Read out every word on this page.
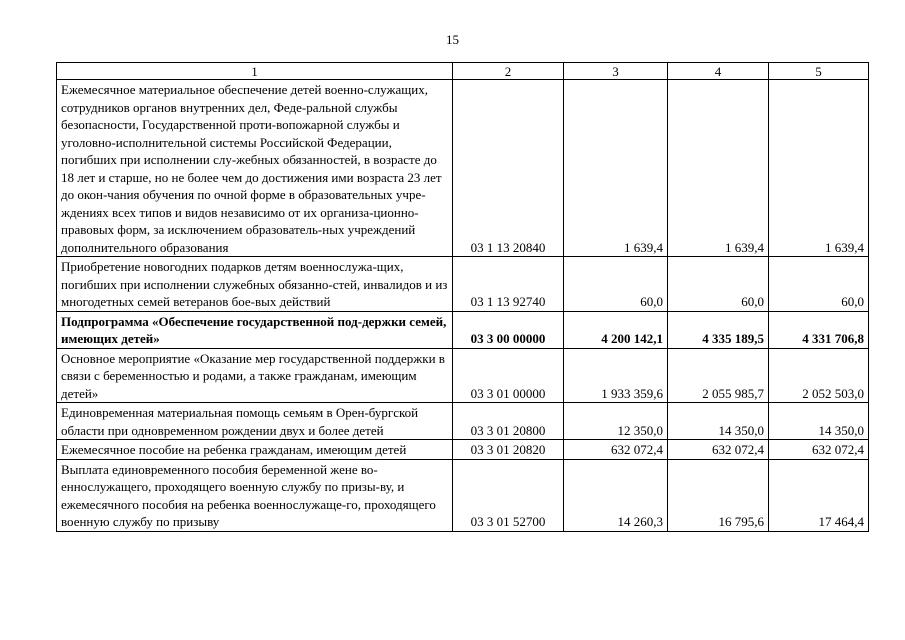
15
1	2	3	4	5
Ежемесячное материальное обеспечение детей военно-служащих, сотрудников органов внутренних дел, Феде-ральной службы безопасности, Государственной проти-вопожарной службы и уголовно-исполнительной системы Российской Федерации, погибших при исполнении слу-жебных обязанностей, в возрасте до 18 лет и старше, но не более чем до достижения ими возраста 23 лет до окон-чания обучения по очной форме в образовательных учре-ждениях всех типов и видов независимо от их организа-ционно-правовых форм, за исключением образователь-ных учреждений дополнительного образования	03 1 13 20840	1 639,4	1 639,4	1 639,4
Приобретение новогодних подарков детям военнослужа-щих, погибших при исполнении служебных обязанно-стей, инвалидов и из многодетных семей ветеранов бое-вых действий	03 1 13 92740	60,0	60,0	60,0
Подпрограмма «Обеспечение государственной под-держки семей, имеющих детей»	03 3 00 00000	4 200 142,1	4 335 189,5	4 331 706,8
Основное мероприятие «Оказание мер государственной поддержки в связи с беременностью и родами, а также гражданам, имеющим детей»	03 3 01 00000	1 933 359,6	2 055 985,7	2 052 503,0
Единовременная материальная помощь семьям в Орен-бургской области при одновременном рождении двух и более детей	03 3 01 20800	12 350,0	14 350,0	14 350,0
Ежемесячное пособие на ребенка гражданам, имеющим детей	03 3 01 20820	632 072,4	632 072,4	632 072,4
Выплата единовременного пособия беременной жене во-еннослужащего, проходящего военную службу по призы-ву, и ежемесячного пособия на ребенка военнослужаще-го, проходящего военную службу по призыву	03 3 01 52700	14 260,3	16 795,6	17 464,4
